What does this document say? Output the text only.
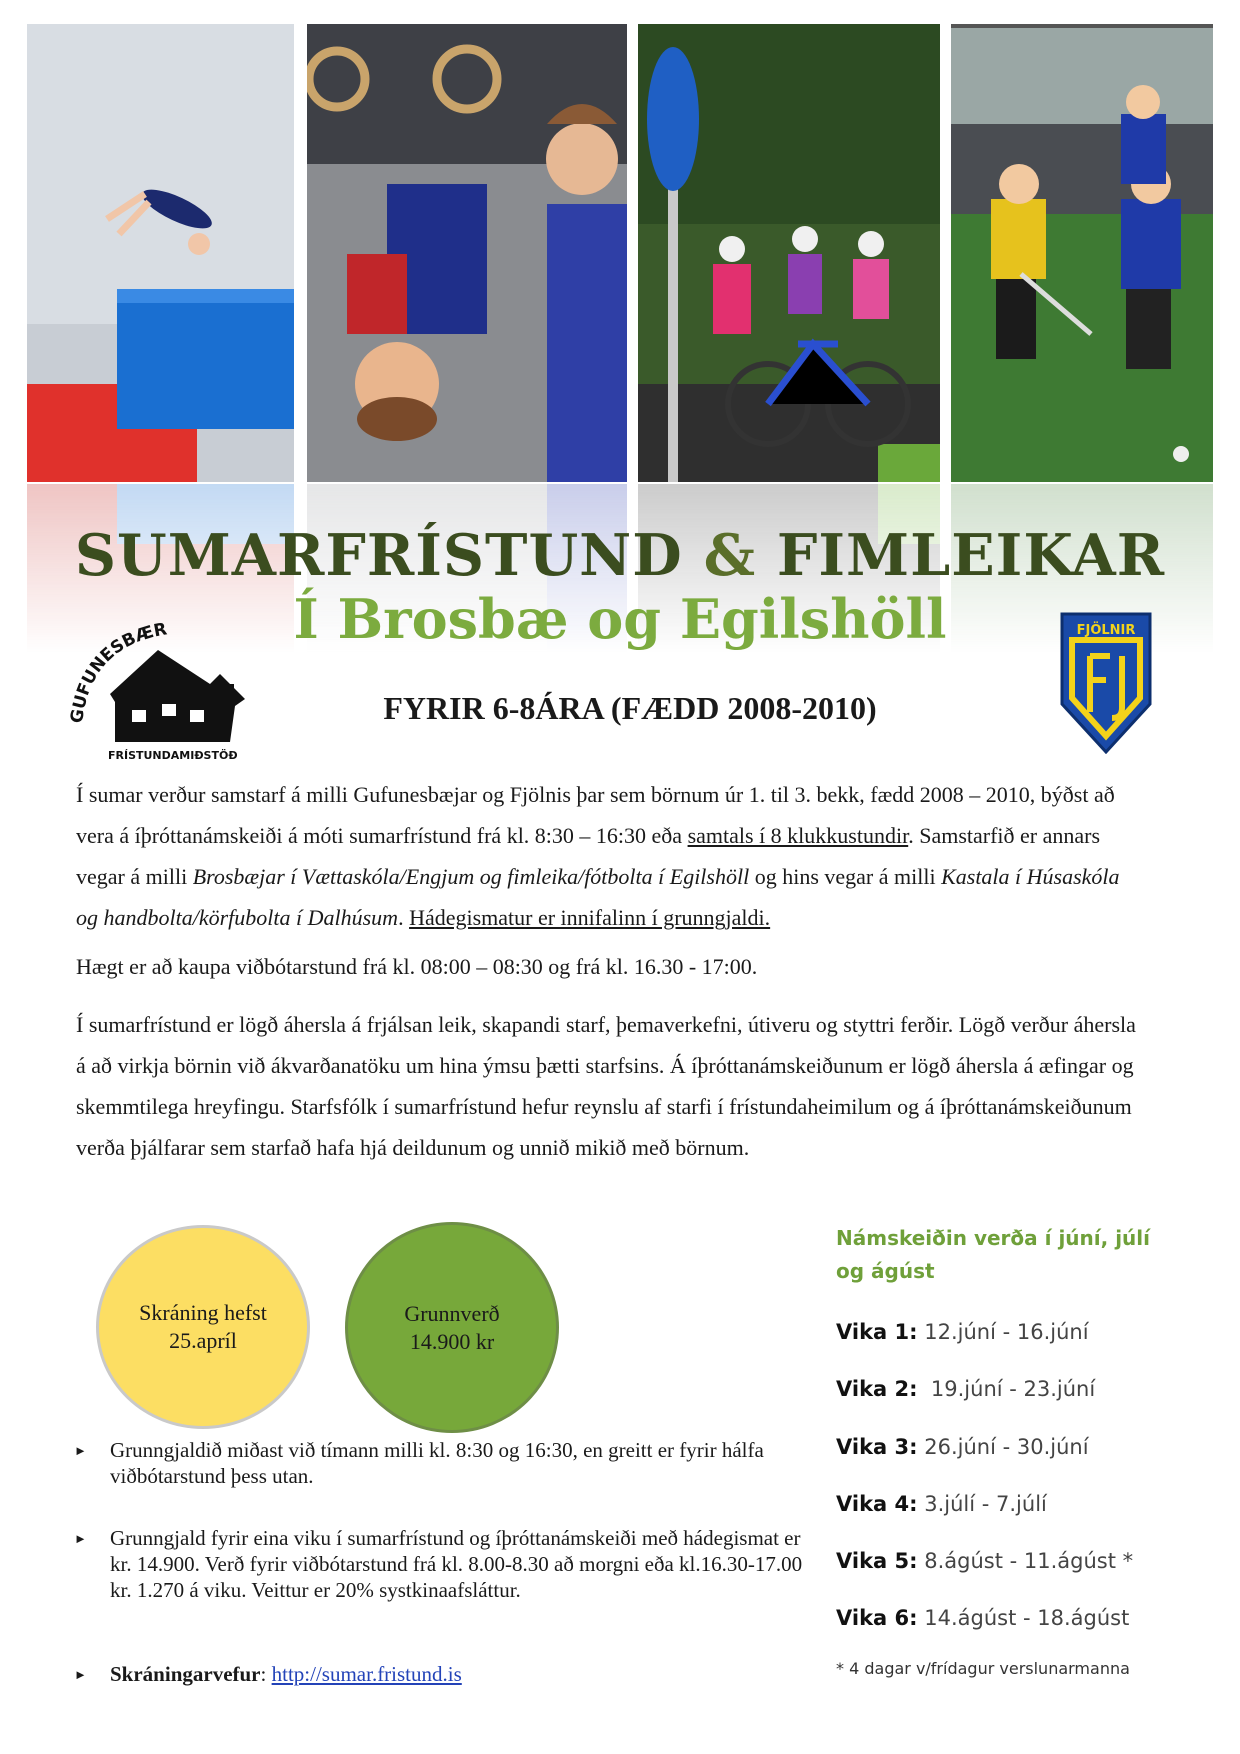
SUMARFRÍSTUND & FIMLEIKAR
Í Brosbæ og Egilshöll
UFUNESBÆR
FRÍSTUNDAMIÐSTÖÐ
FJÖLNIR
FYRIR 6-8ÁRA (FÆDD 2008-2010)
Í sumar verður samstarf á milli Gufunesbæjar og Fjölnis þar sem börnum úr 1. til 3. bekk, fædd 2008 – 2010, býðst að vera á íþróttanámskeiði á móti sumarfrístund frá kl. 8:30 – 16:30 eða samtals í 8 klukkustundir. Samstarfið er annars vegar á milli Brosbæjar í Vættaskóla/Engjum og fimleika/fótbolta í Egilshöll og hins vegar á milli Kastala í Húsaskóla og handbolta/körfubolta í Dalhúsum. Hádegismatur er innifalinn í grunngjaldi.
Hægt er að kaupa viðbótarstund frá kl. 08:00 – 08:30 og frá kl. 16.30 - 17:00.
Í sumarfrístund er lögð áhersla á frjálsan leik, skapandi starf, þemaverkefni, útiveru og styttri ferðir. Lögð verður áhersla á að virkja börnin við ákvarðanatöku um hina ýmsu þætti starfsins. Á íþróttanámskeiðunum er lögð áhersla á æfingar og skemmtilega hreyfingu. Starfsfólk í sumarfrístund hefur reynslu af starfi í frístundaheimilum og á íþróttanámskeiðunum verða þjálfarar sem starfað hafa hjá deildunum og unnið mikið með börnum.
Skráning hefst
25.apríl
Grunnverð
14.900 kr
► Grunngjaldið miðast við tímann milli kl. 8:30 og 16:30, en greitt er fyrir hálfa viðbótarstund þess utan.
► Grunngjald fyrir eina viku í sumarfrístund og íþróttanámskeiði með hádegismat er kr. 14.900. Verð fyrir viðbótarstund frá kl. 8.00-8.30 að morgni eða kl.16.30-17.00 kr. 1.270 á viku. Veittur er 20% systkinaafsláttur.
► Skráningarvefur: http://sumar.fristund.is
Námskeiðin verða í júní, júlí
og ágúst
Vika 1: 12.júní - 16.júní
Vika 2: 19.júní - 23.júní
Vika 3: 26.júní - 30.júní
Vika 4: 3.júlí - 7.júlí
Vika 5: 8.ágúst - 11.ágúst *
Vika 6: 14.ágúst - 18.ágúst
* 4 dagar v/frídagur verslunarmanna
